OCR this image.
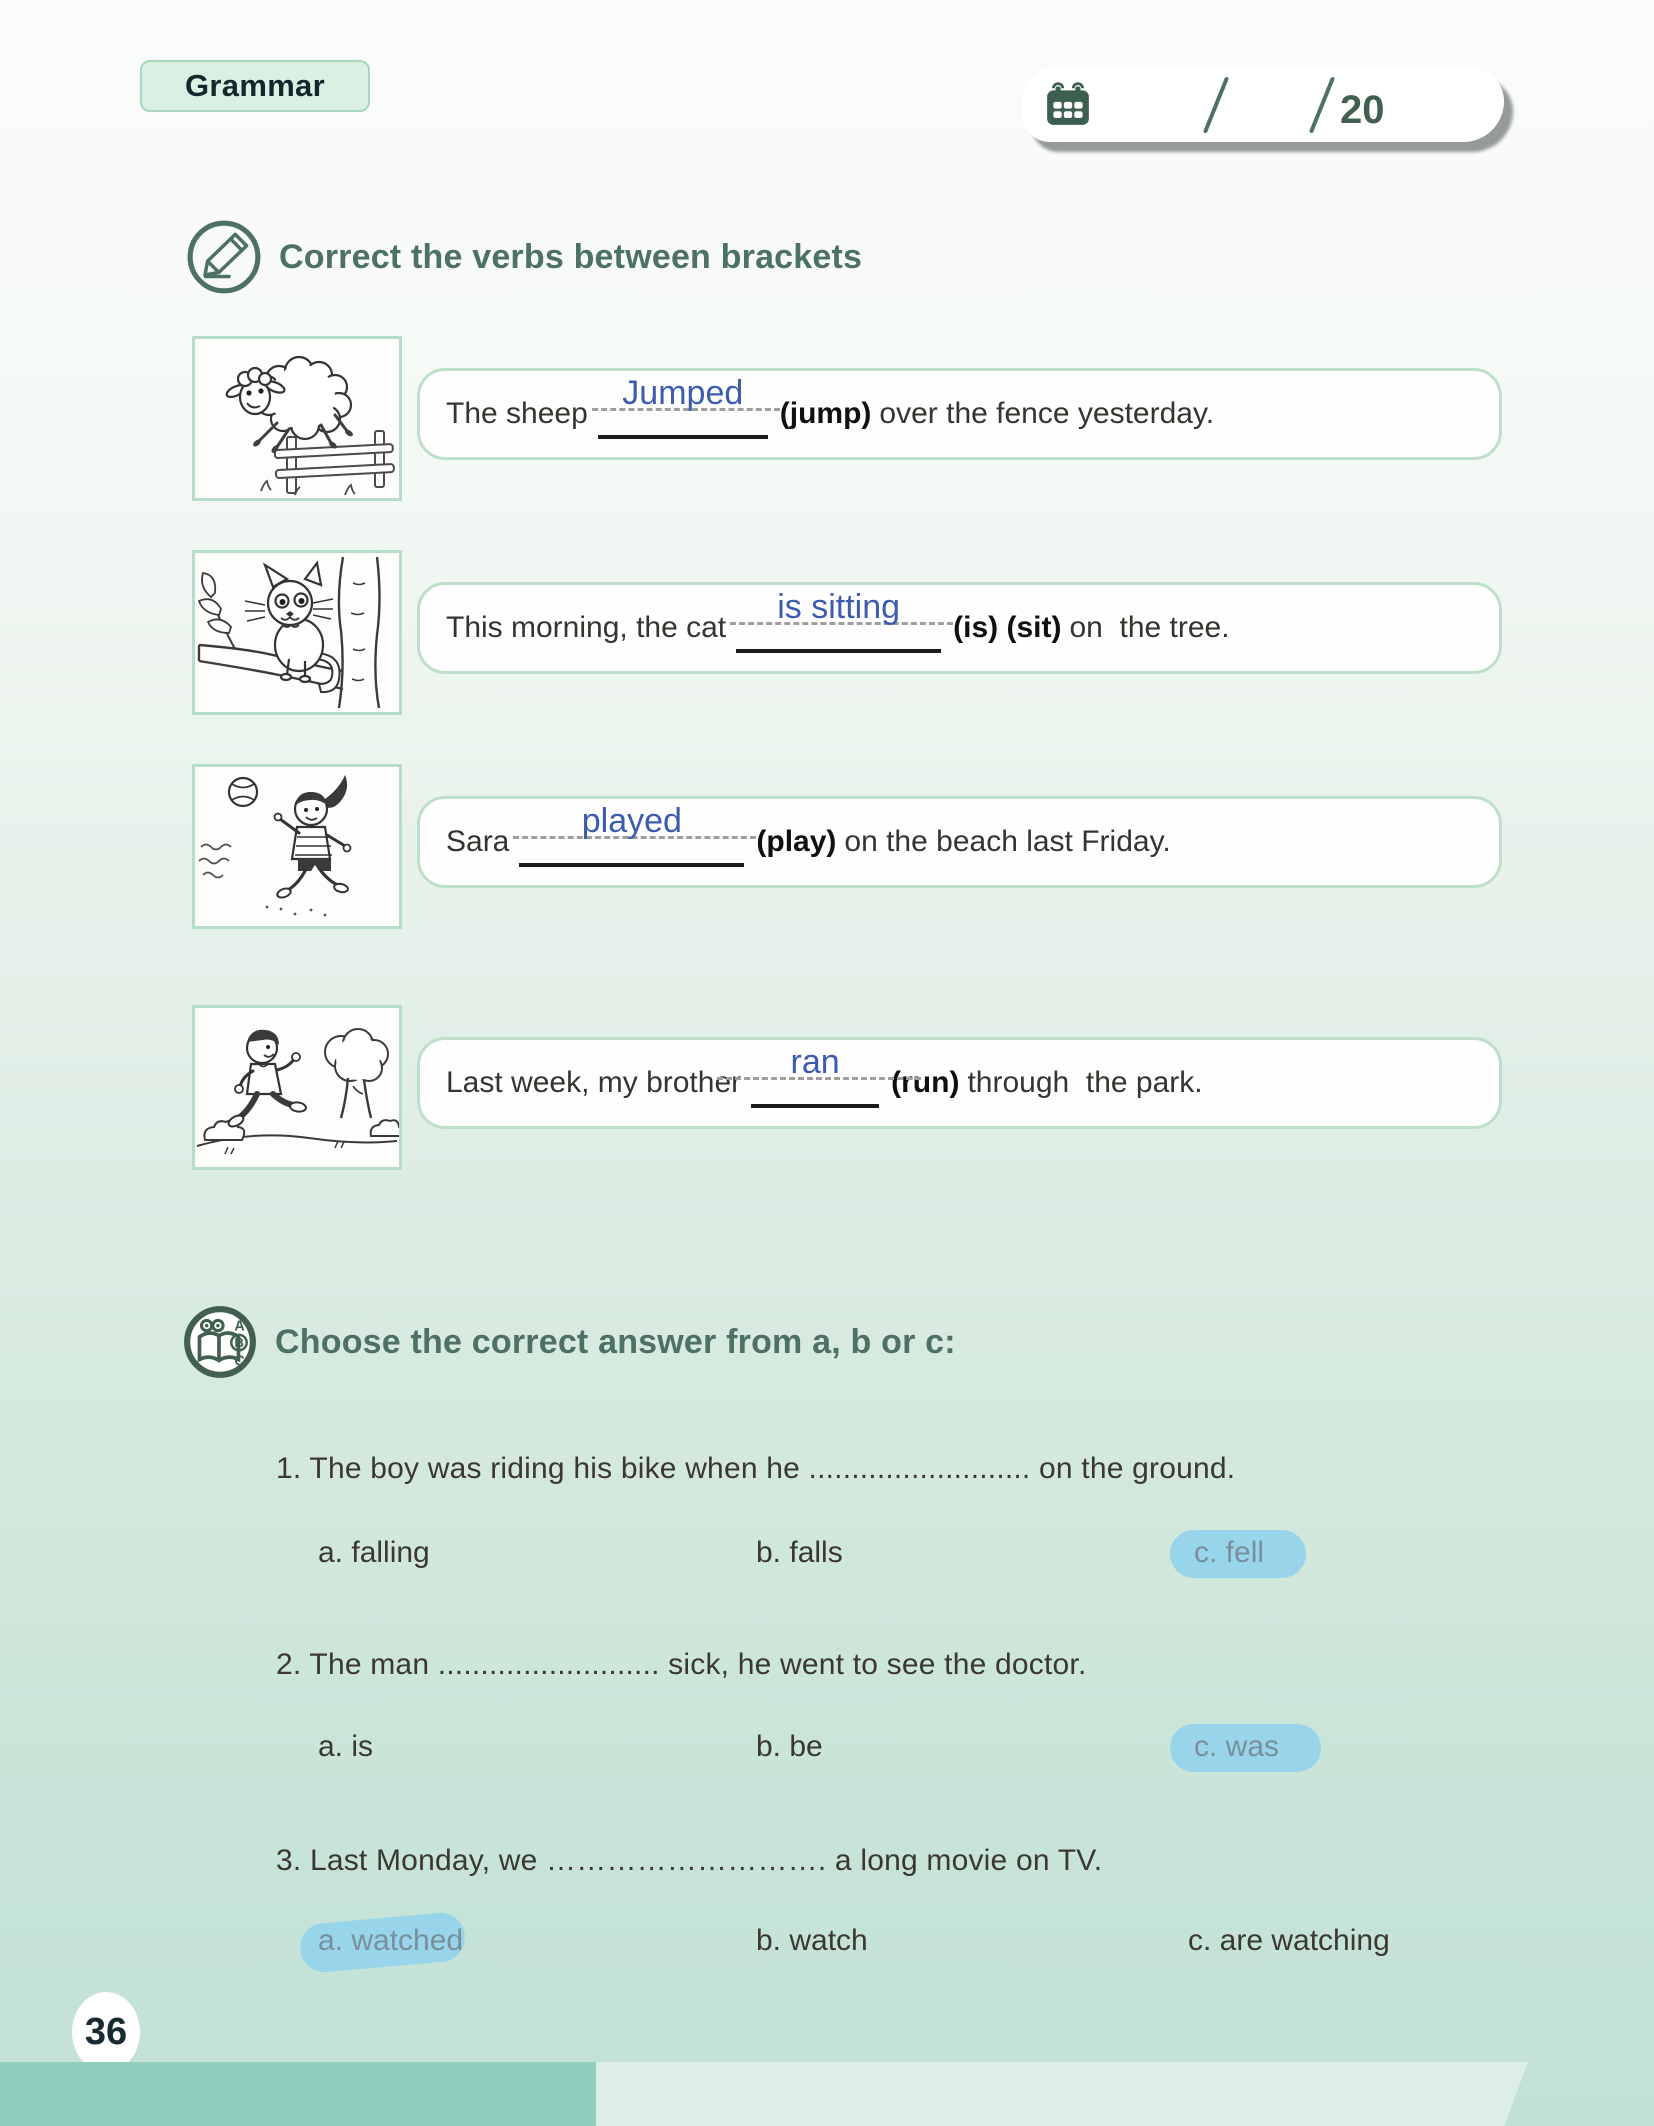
Grammar
20
Correct the verbs between brackets
The sheep

Jumped

(jump) over the fence yesterday.
This morning, the cat

is sitting

(is) (sit) on  the tree.
Sara

played

(play) on the beach last Friday.
Last week, my brother

ran

(run) through  the park.
A
B
C
Choose the correct answer from a, b or c:
1. The boy was riding his bike when he .......................... on the ground.
a. falling	b. falls	c. fell
2. The man .......................... sick, he went to see the doctor.
a. is	b. be	c. was
3. Last Monday, we ………………………. a long movie on TV.
a. watched	b. watch	c. are watching
36
